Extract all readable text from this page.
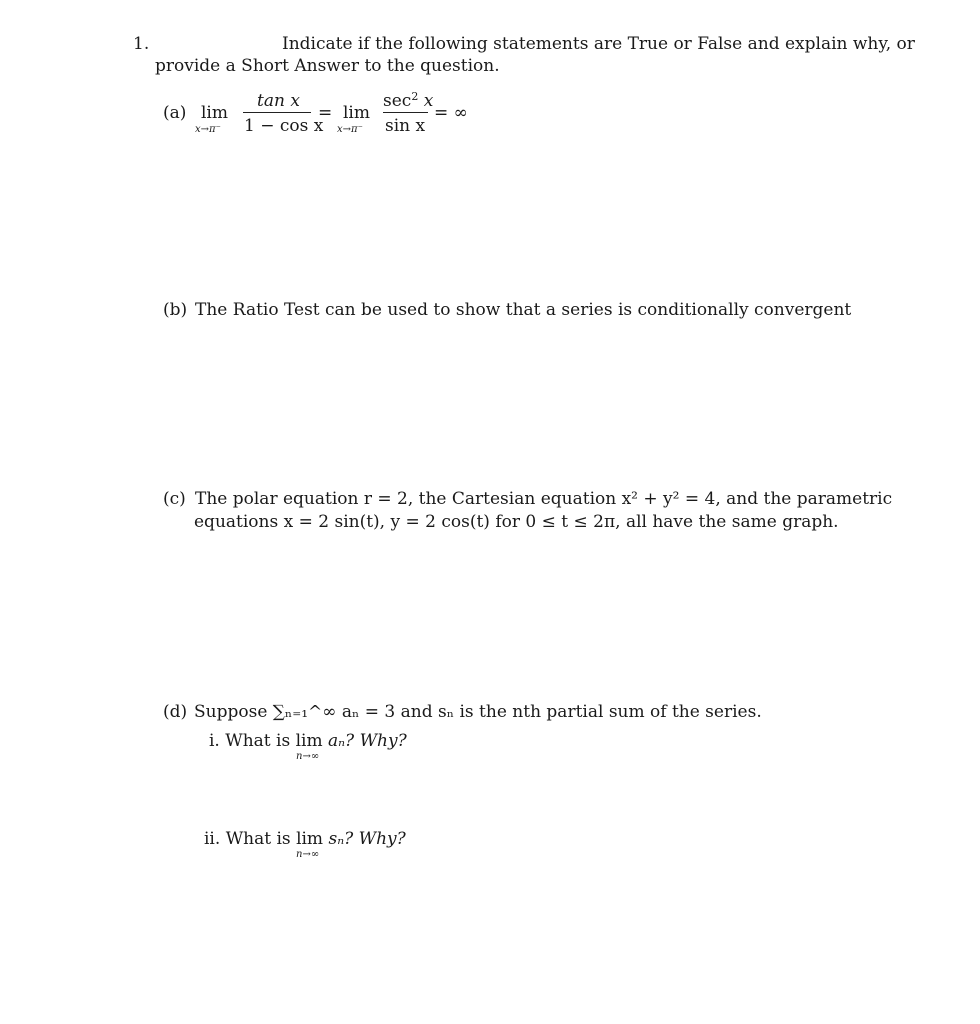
1.	Indicate if the following statements are True or False and explain why, or
provide a Short Answer to the question.
(a) lim
x→π⁻
tan x
1 − cos x
= lim
x→π⁻
$\sec^2 x$
sin x
= ∞
(b) The Ratio Test can be used to show that a series is conditionally convergent
(c) The polar equation r = 2, the Cartesian equation x² + y² = 4, and the parametric
equations x = 2 sin(t), y = 2 cos(t) for 0 ≤ t ≤ 2π, all have the same graph.
(d) Suppose ∑ₙ₌₁^∞ aₙ = 3 and sₙ is the nth partial sum of the series.
i. What is lim aₙ? Why?
n→∞
ii. What is lim sₙ? Why?
n→∞
